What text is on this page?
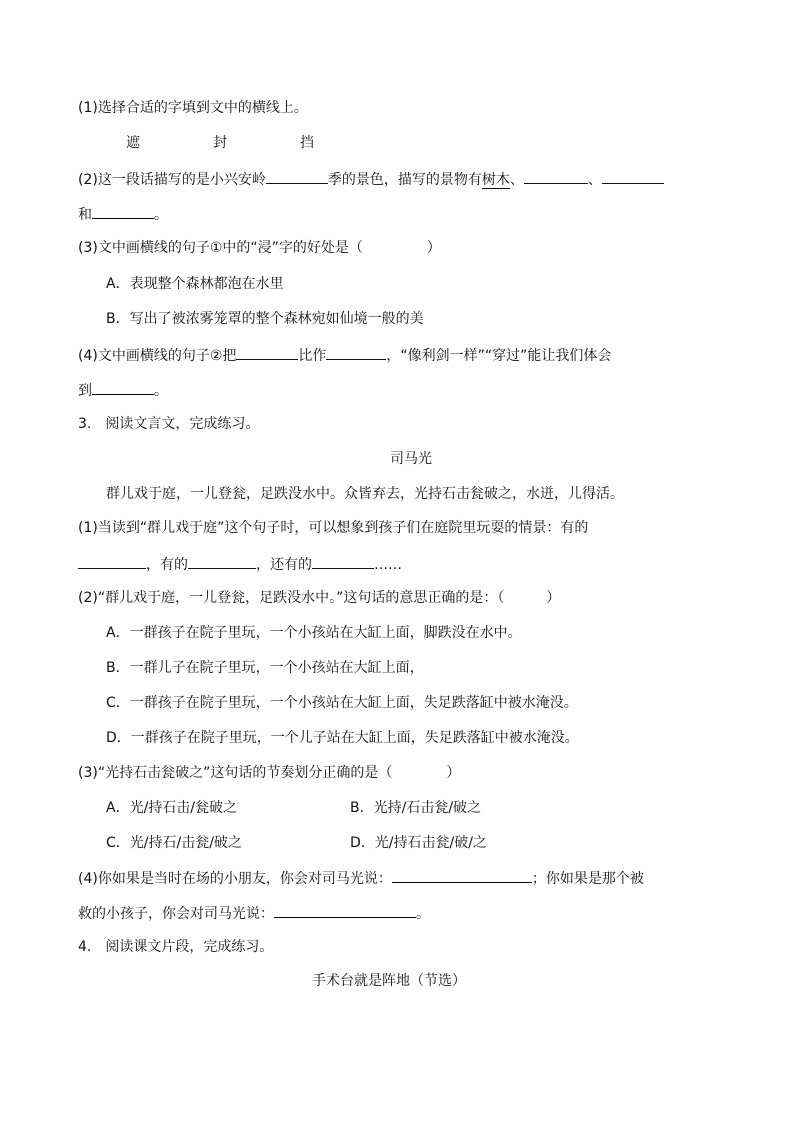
(1)选择合适的字填到文中的横线上。
遮	封	挡
(2)这一段话描写的是小兴安岭	季的景色，描写的景物有树木、	、
和	。
(3)文中画横线的句子①中的“浸”字的好处是（	）
A．表现整个森林都泡在水里
B．写出了被浓雾笼罩的整个森林宛如仙境一般的美
(4)文中画横线的句子②把	比作	，“像利剑一样”“穿过”能让我们体会
到	。
3.　阅读文言文，完成练习。
司马光
群儿戏于庭，一儿登瓮，足跌没水中。众皆弃去，光持石击瓮破之，水迸，儿得活。
(1)当读到“群儿戏于庭”这个句子时，可以想象到孩子们在庭院里玩耍的情景：有的
，有的	，还有的	……
(2)“群儿戏于庭，一儿登瓮，足跌没水中。”这句话的意思正确的是：（	）
A．一群孩子在院子里玩，一个小孩站在大缸上面，脚跌没在水中。
B．一群儿子在院子里玩，一个小孩站在大缸上面，
C．一群孩子在院子里玩，一个小孩站在大缸上面，失足跌落缸中被水淹没。
D．一群孩子在院子里玩，一个儿子站在大缸上面，失足跌落缸中被水淹没。
(3)“光持石击瓮破之”这句话的节奏划分正确的是（	）
A．光/持石击/瓮破之	B．光持/石击瓮/破之
C．光/持石/击瓮/破之	D．光/持石击瓮/破/之
(4)你如果是当时在场的小朋友，你会对司马光说：	；你如果是那个被
救的小孩子，你会对司马光说：	。
4.　阅读课文片段，完成练习。
手术台就是阵地（节选）
